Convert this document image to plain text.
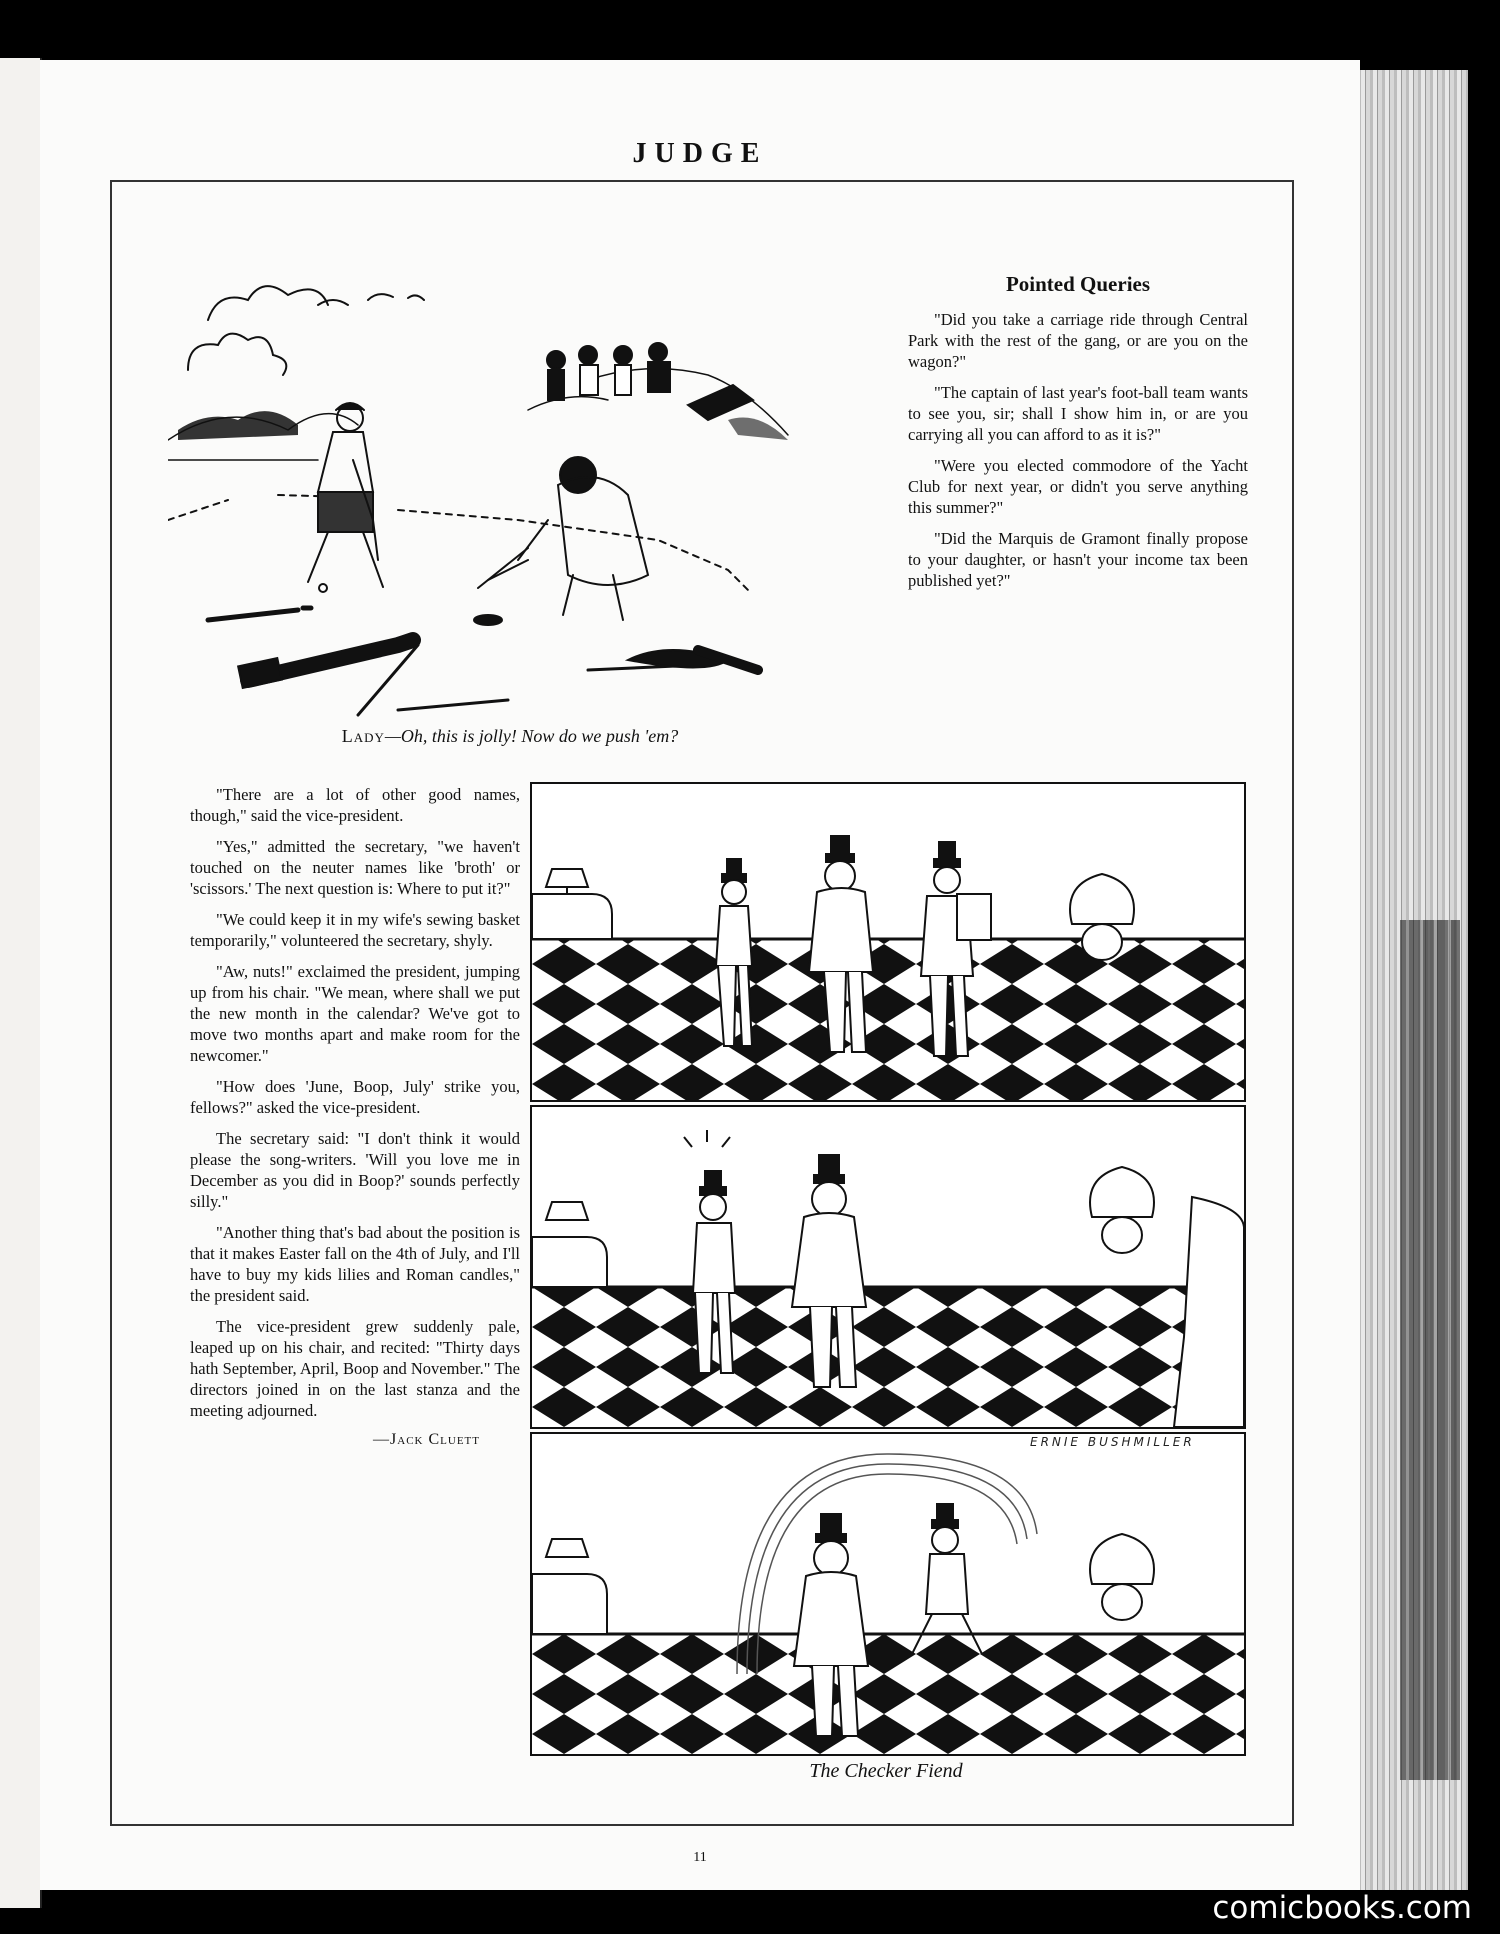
JUDGE
Lady—Oh, this is jolly! Now do we push 'em?
Pointed Queries

"Did you take a carriage ride through Central Park with the rest of the gang, or are you on the wagon?"

"The captain of last year's foot-ball team wants to see you, sir; shall I show him in, or are you carrying all you can afford to as it is?"

"Were you elected commodore of the Yacht Club for next year, or didn't you serve anything this summer?"

"Did the Marquis de Gramont finally propose to your daughter, or hasn't your income tax been published yet?"

"There are a lot of other good names, though," said the vice-president.

"Yes," admitted the secretary, "we haven't touched on the neuter names like 'broth' or 'scissors.' The next question is: Where to put it?"

"We could keep it in my wife's sewing basket temporarily," volunteered the secretary, shyly.

"Aw, nuts!" exclaimed the president, jumping up from his chair. "We mean, where shall we put the new month in the calendar? We've got to move two months apart and make room for the newcomer."

"How does 'June, Boop, July' strike you, fellows?" asked the vice-president.

The secretary said: "I don't think it would please the song-writers. 'Will you love me in December as you did in Boop?' sounds perfectly silly."

"Another thing that's bad about the position is that it makes Easter fall on the 4th of July, and I'll have to buy my kids lilies and Roman candles," the president said.

The vice-president grew suddenly pale, leaped up on his chair, and recited: "Thirty days hath September, April, Boop and November." The directors joined in on the last stanza and the meeting adjourned.

—Jack Cluett	ERNIE BUSHMILLER
The Checker Fiend
11
comicbooks.com
